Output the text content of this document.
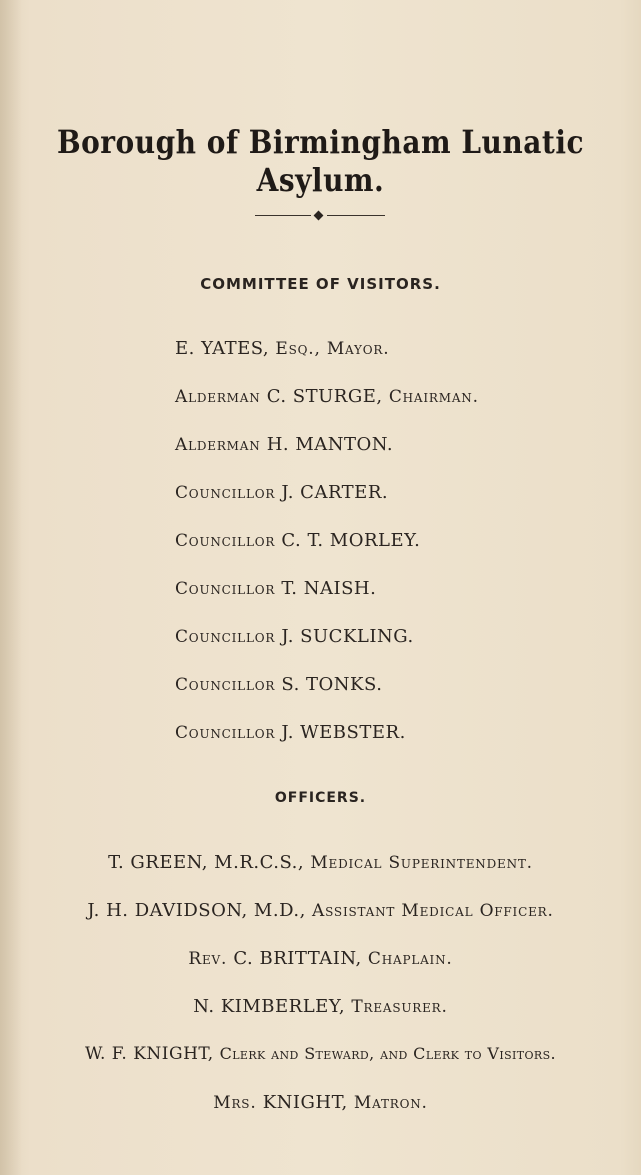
Borough of Birmingham Lunatic Asylum.
COMMITTEE OF VISITORS.
E. YATES, Esq., Mayor.
Alderman C. STURGE, Chairman.
Alderman H. MANTON.
Councillor J. CARTER.
Councillor C. T. MORLEY.
Councillor T. NAISH.
Councillor J. SUCKLING.
Councillor S. TONKS.
Councillor J. WEBSTER.
OFFICERS.
T. GREEN, M.R.C.S., Medical Superintendent.
J. H. DAVIDSON, M.D., Assistant Medical Officer.
Rev. C. BRITTAIN, Chaplain.
N. KIMBERLEY, Treasurer.
W. F. KNIGHT, Clerk and Steward, and Clerk to Visitors.
Mrs. KNIGHT, Matron.
